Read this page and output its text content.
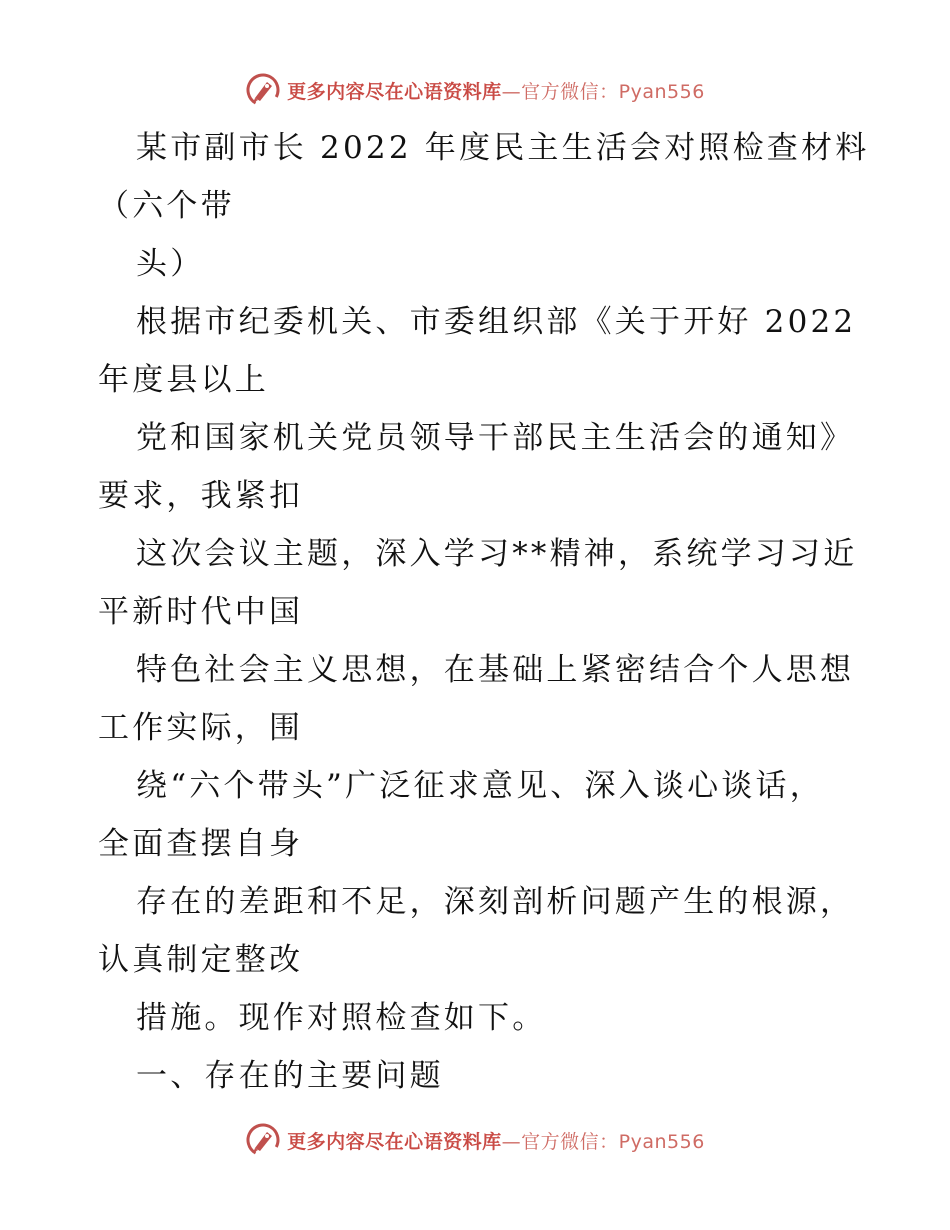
更多内容尽在心语资料库—官方微信：Pyan556
某市副市长 2022 年度民主生活会对照检查材料
（六个带
头）
根据市纪委机关、市委组织部《关于开好 2022
年度县以上
党和国家机关党员领导干部民主生活会的通知》
要求，我紧扣
这次会议主题，深入学习**精神，系统学习习近
平新时代中国
特色社会主义思想，在基础上紧密结合个人思想
工作实际，围
绕“六个带头”广泛征求意见、深入谈心谈话，
全面查摆自身
存在的差距和不足，深刻剖析问题产生的根源，
认真制定整改
措施。现作对照检查如下。
一、存在的主要问题
更多内容尽在心语资料库—官方微信：Pyan556
